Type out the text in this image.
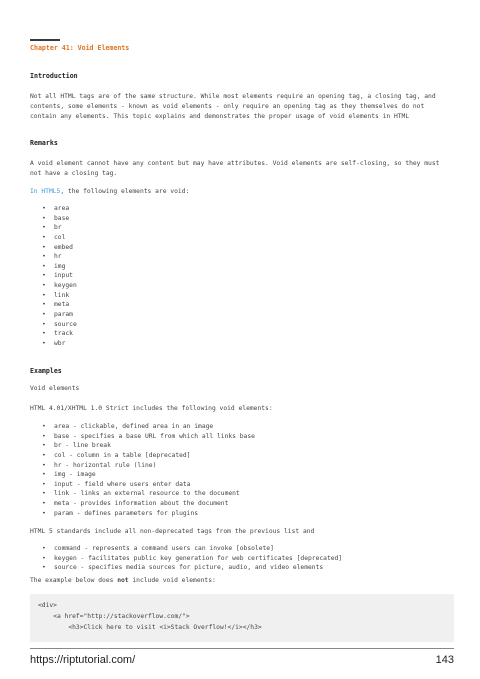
Chapter 41: Void Elements
Introduction
Not all HTML tags are of the same structure. While most elements require an opening tag, a closing tag, and contents, some elements - known as void elements - only require an opening tag as they themselves do not contain any elements. This topic explains and demonstrates the proper usage of void elements in HTML
Remarks
A void element cannot have any content but may have attributes. Void elements are self-closing, so they must not have a closing tag.
In HTML5, the following elements are void:
• area
• base
• br
• col
• embed
• hr
• img
• input
• keygen
• link
• meta
• param
• source
• track
• wbr
Examples
Void elements
HTML 4.01/XHTML 1.0 Strict includes the following void elements:
• area - clickable, defined area in an image
• base - specifies a base URL from which all links base
• br - line break
• col - column in a table [deprecated]
• hr - horizontal rule (line)
• img - image
• input - field where users enter data
• link - links an external resource to the document
• meta - provides information about the document
• param - defines parameters for plugins
HTML 5 standards include all non-deprecated tags from the previous list and
• command - represents a command users can invoke [obsolete]
• keygen - facilitates public key generation for web certificates [deprecated]
• source - specifies media sources for picture, audio, and video elements
The example below does not include void elements:
<div>
<a href="http://stackoverflow.com/">
<h3>Click here to visit <i>Stack Overflow!</i></h3>
https://riptutorial.com/	143
